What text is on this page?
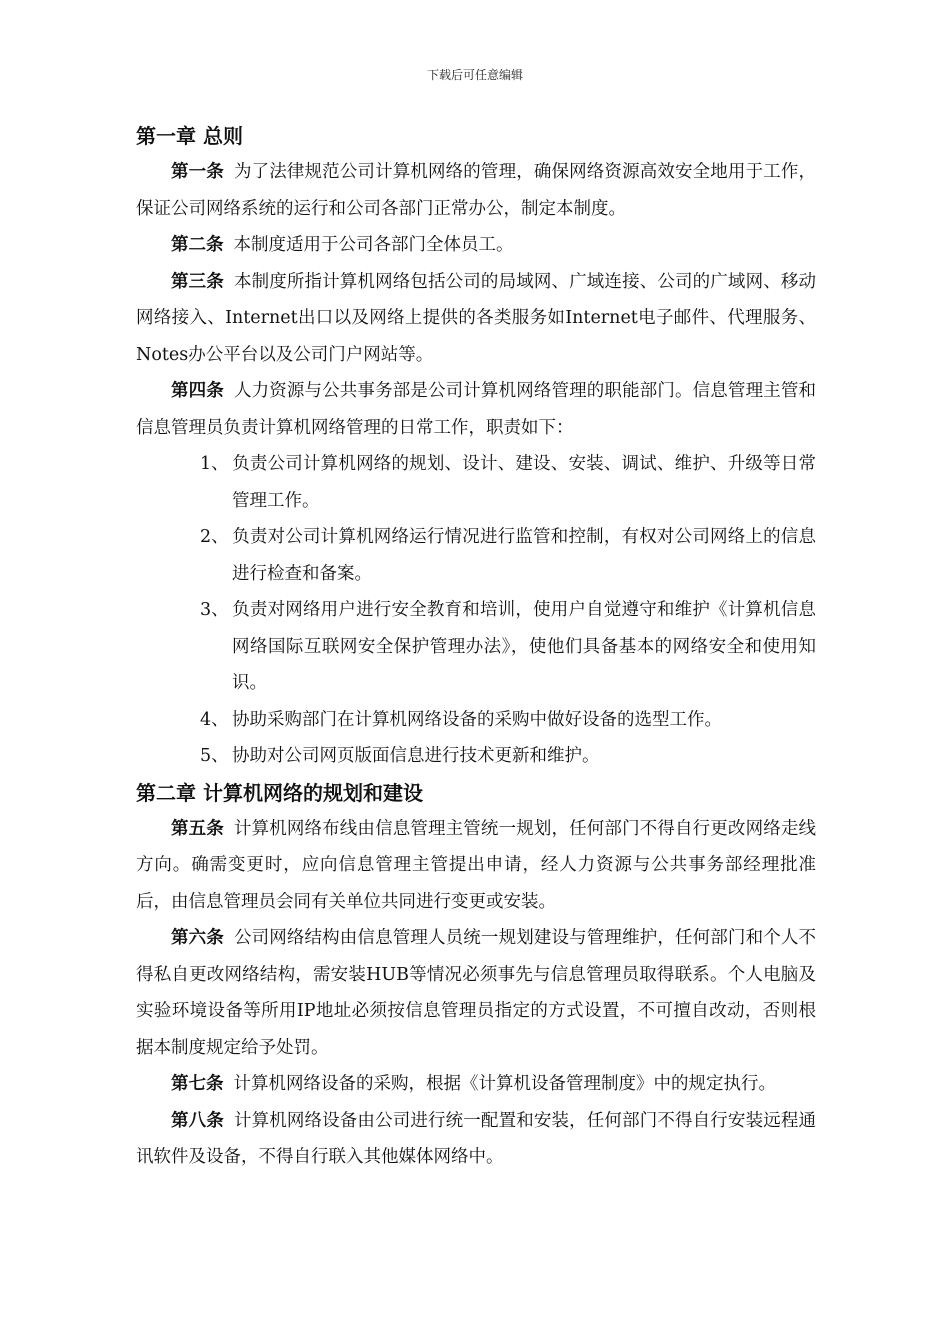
下载后可任意编辑
第一章 总则

第一条 为了法律规范公司计算机网络的管理，确保网络资源高效安全地用于工作，保证公司网络系统的运行和公司各部门正常办公，制定本制度。

第二条 本制度适用于公司各部门全体员工。

第三条 本制度所指计算机网络包括公司的局域网、广域连接、公司的广域网、移动网络接入、Internet出口以及网络上提供的各类服务如Internet电子邮件、代理服务、Notes办公平台以及公司门户网站等。

第四条 人力资源与公共事务部是公司计算机网络管理的职能部门。信息管理主管和信息管理员负责计算机网络管理的日常工作，职责如下：

1、 负责公司计算机网络的规划、设计、建设、安装、调试、维护、升级等日常管理工作。
2、 负责对公司计算机网络运行情况进行监管和控制，有权对公司网络上的信息进行检查和备案。
3、 负责对网络用户进行安全教育和培训，使用户自觉遵守和维护《计算机信息网络国际互联网安全保护管理办法》，使他们具备基本的网络安全和使用知识。
4、 协助采购部门在计算机网络设备的采购中做好设备的选型工作。
5、 协助对公司网页版面信息进行技术更新和维护。
第二章 计算机网络的规划和建设

第五条 计算机网络布线由信息管理主管统一规划，任何部门不得自行更改网络走线方向。确需变更时，应向信息管理主管提出申请，经人力资源与公共事务部经理批准后，由信息管理员会同有关单位共同进行变更或安装。

第六条 公司网络结构由信息管理人员统一规划建设与管理维护，任何部门和个人不得私自更改网络结构，需安装HUB等情况必须事先与信息管理员取得联系。个人电脑及实验环境设备等所用IP地址必须按信息管理员指定的方式设置，不可擅自改动，否则根据本制度规定给予处罚。

第七条 计算机网络设备的采购，根据《计算机设备管理制度》中的规定执行。

第八条 计算机网络设备由公司进行统一配置和安装，任何部门不得自行安装远程通讯软件及设备，不得自行联入其他媒体网络中。
